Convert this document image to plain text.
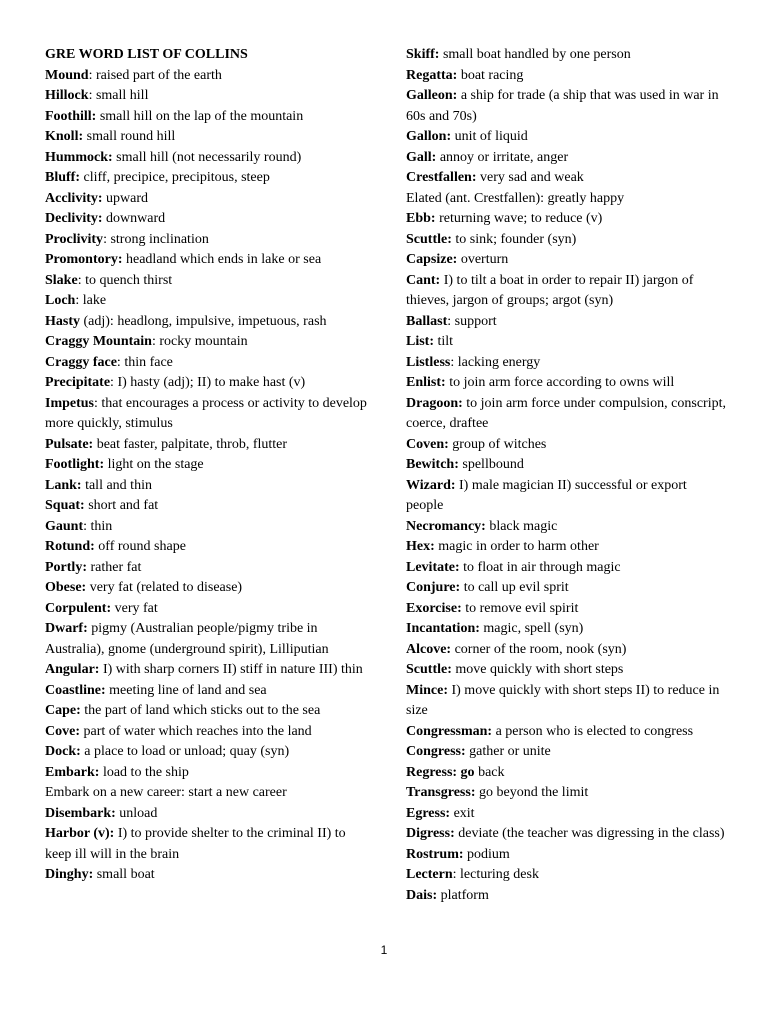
GRE WORD LIST OF COLLINS

Mound: raised part of the earth

Hillock: small hill

Foothill: small hill on the lap of the mountain

Knoll: small round hill

Hummock: small hill (not necessarily round)

Bluff: cliff, precipice, precipitous, steep

Acclivity: upward

Declivity: downward

Proclivity: strong inclination

Promontory: headland which ends in lake or sea

Slake: to quench thirst

Loch: lake

Hasty (adj): headlong, impulsive, impetuous, rash

Craggy Mountain: rocky mountain

Craggy face: thin face

Precipitate: I) hasty (adj); II) to make hast (v)

Impetus: that encourages a process or activity to develop more quickly, stimulus

Pulsate: beat faster, palpitate, throb, flutter

Footlight: light on the stage

Lank: tall and thin

Squat: short and fat

Gaunt: thin

Rotund: off round shape

Portly: rather fat

Obese: very fat (related to disease)

Corpulent: very fat

Dwarf: pigmy (Australian people/pigmy tribe in Australia), gnome (underground spirit), Lilliputian

Angular: I) with sharp corners II) stiff in nature III) thin

Coastline: meeting line of land and sea

Cape: the part of land which sticks out to the sea

Cove: part of water which reaches into the land

Dock: a place to load or unload; quay (syn)

Embark: load to the ship

Embark on a new career: start a new career

Disembark: unload

Harbor (v): I) to provide shelter to the criminal II) to keep ill will in the brain

Dinghy: small boat

Skiff: small boat handled by one person

Regatta: boat racing

Galleon: a ship for trade (a ship that was used in war in 60s and 70s)

Gallon: unit of liquid

Gall: annoy or irritate, anger

Crestfallen: very sad and weak

Elated (ant. Crestfallen): greatly happy

Ebb: returning wave; to reduce (v)

Scuttle: to sink; founder (syn)

Capsize: overturn

Cant: I) to tilt a boat in order to repair II) jargon of thieves, jargon of groups; argot (syn)

Ballast: support

List: tilt

Listless: lacking energy

Enlist: to join arm force according to owns will

Dragoon: to join arm force under compulsion, conscript, coerce, draftee

Coven: group of witches

Bewitch: spellbound

Wizard: I) male magician II) successful or export people

Necromancy: black magic

Hex: magic in order to harm other

Levitate: to float in air through magic

Conjure: to call up evil sprit

Exorcise: to remove evil spirit

Incantation: magic, spell (syn)

Alcove: corner of the room, nook (syn)

Scuttle: move quickly with short steps

Mince: I) move quickly with short steps II) to reduce in size

Congressman: a person who is elected to congress

Congress: gather or unite

Regress: go back

Transgress: go beyond the limit

Egress: exit

Digress: deviate (the teacher was digressing in the class)

Rostrum: podium

Lectern: lecturing desk

Dais: platform

1
